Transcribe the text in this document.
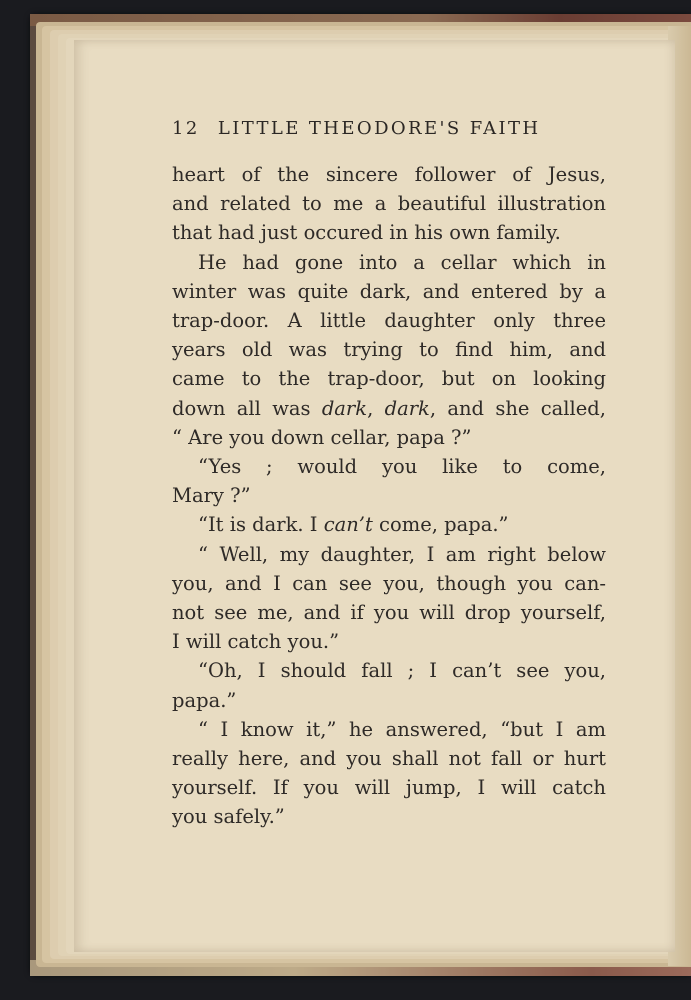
12 LITTLE THEODORE'S FAITH
heart of the sincere follower of Jesus,
and related to me a beautiful illustration
that had just occured in his own family.
He had gone into a cellar which in
winter was quite dark, and entered by a
trap-door. A little daughter only three
years old was trying to find him, and
came to the trap-door, but on looking
down all was dark, dark, and she called,
“ Are you down cellar, papa ?”
“Yes ; would you like to come,
Mary ?”
“It is dark. I can’t come, papa.”
“ Well, my daughter, I am right below
you, and I can see you, though you can-
not see me, and if you will drop yourself,
I will catch you.”
“Oh, I should fall ; I can’t see you,
papa.”
“ I know it,” he answered, “but I am
really here, and you shall not fall or hurt
yourself. If you will jump, I will catch
you safely.”
